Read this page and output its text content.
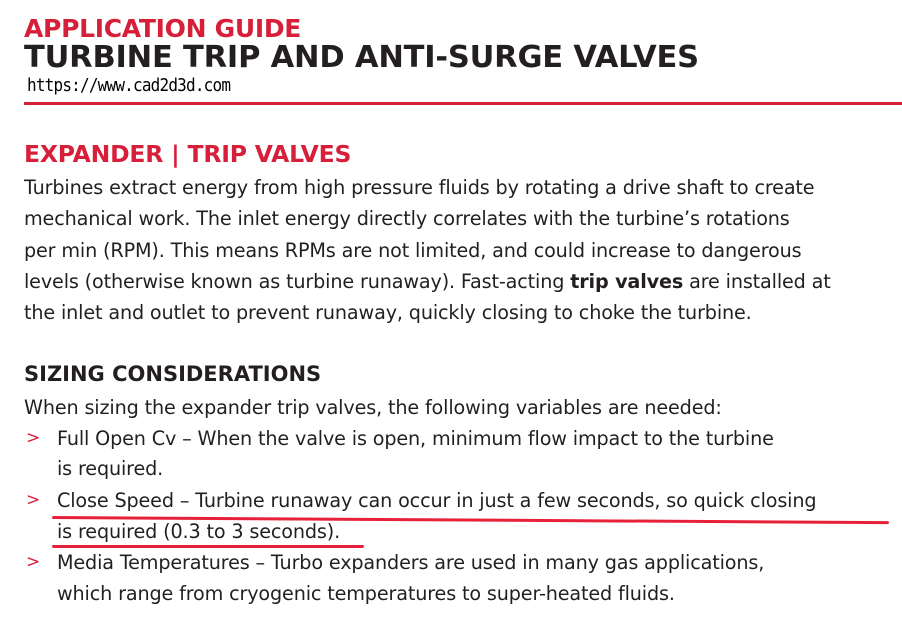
APPLICATION GUIDE
TURBINE TRIP AND ANTI-SURGE VALVES
https://www.cad2d3d.com
EXPANDER | TRIP VALVES
Turbines extract energy from high pressure fluids by rotating a drive shaft to create
mechanical work. The inlet energy directly correlates with the turbine’s rotations
per min (RPM). This means RPMs are not limited, and could increase to dangerous
levels (otherwise known as turbine runaway). Fast-acting trip valves are installed at
the inlet and outlet to prevent runaway, quickly closing to choke the turbine.
SIZING CONSIDERATIONS
When sizing the expander trip valves, the following variables are needed:
> Full Open Cv – When the valve is open, minimum flow impact to the turbine
is required.
> Close Speed – Turbine runaway can occur in just a few seconds, so quick closing
is required (0.3 to 3 seconds).
> Media Temperatures – Turbo expanders are used in many gas applications,
which range from cryogenic temperatures to super-heated fluids.
